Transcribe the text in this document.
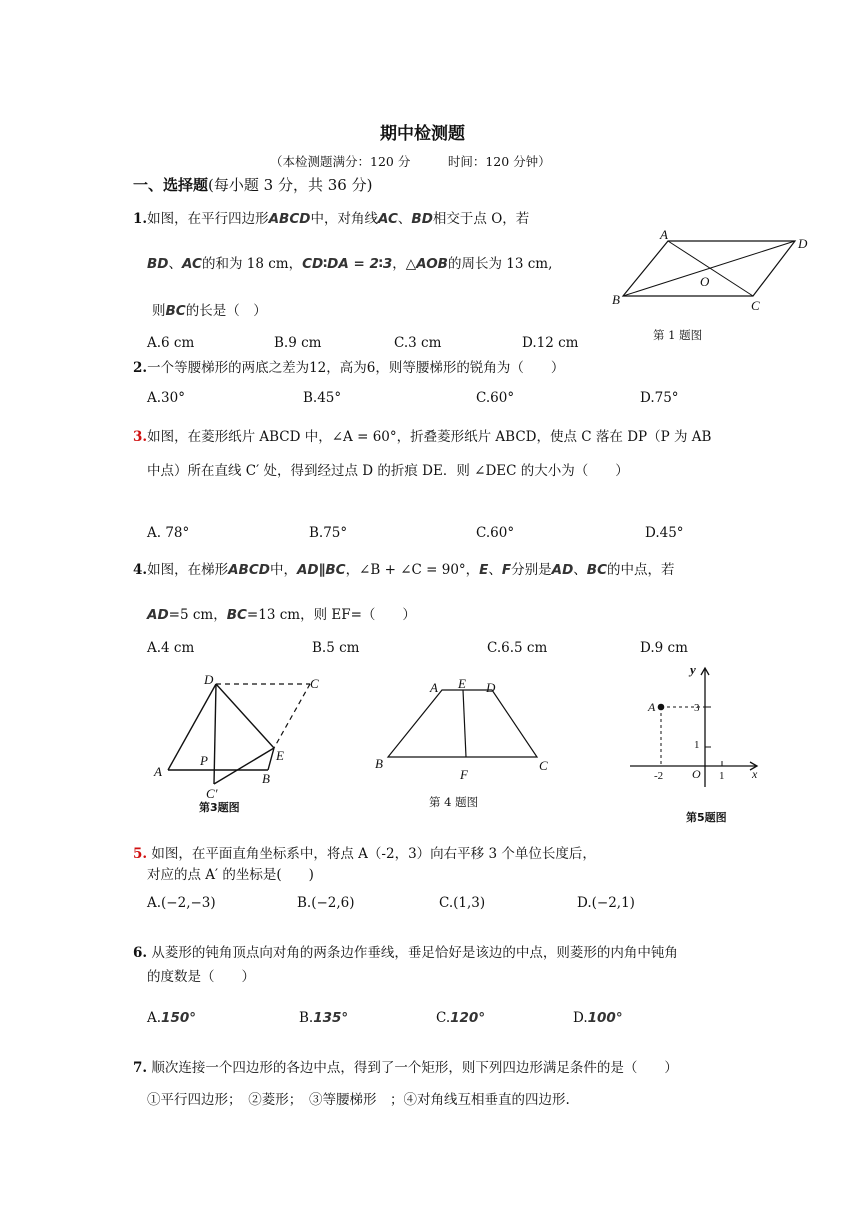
期中检测题
（本检测题满分：120 分　　　时间：120 分钟）
一、选择题(每小题 3 分，共 36 分)
1.如图，在平行四边形ABCD中，对角线AC、BD相交于点 O，若
BD、AC的和为 18 cm，CD∶DA = 2∶3，△AOB的周长为 13 cm,
则BC的长是（　）
A.6 cm	B.9 cm	C.3 cm	D.12 cm
A
D
B	C
O
第 1 题图
2.一个等腰梯形的两底之差为12，高为6，则等腰梯形的锐角为（　　）
A.30°	B.45°	C.60°	D.75°
3.如图，在菱形纸片 ABCD 中，∠A = 60°，折叠菱形纸片 ABCD，使点 C 落在 DP（P 为 AB
中点）所在直线 C′ 处，得到经过点 D 的折痕 DE．则 ∠DEC 的大小为（　　）
A. 78°	B.75°	C.60°	D.45°
4.如图，在梯形ABCD中，AD∥BC，∠B + ∠C = 90°，E、F分别是AD、BC的中点，若
AD=5 cm，BC=13 cm，则 EF=（　　）
A.4 cm	B.5 cm	C.6.5 cm	D.9 cm
D	C
A	B
E
P
C′
第3题图
A E D
B
F
C
第 4 题图
A
y
x
O
3
1
-2	1
第5题图
5. 如图，在平面直角坐标系中，将点 A（-2，3）向右平移 3 个单位长度后，
对应的点 A′ 的坐标是(　　)
A.(−2,−3)	B.(−2,6)	C.(1,3)	D.(−2,1)
6. 从菱形的钝角顶点向对角的两条边作垂线，垂足恰好是该边的中点，则菱形的内角中钝角
的度数是（　　）
A.150°	B.135°	C.120°	D.100°
7. 顺次连接一个四边形的各边中点，得到了一个矩形，则下列四边形满足条件的是（　　）
①平行四边形；　②菱形；　③等腰梯形　；④对角线互相垂直的四边形.
